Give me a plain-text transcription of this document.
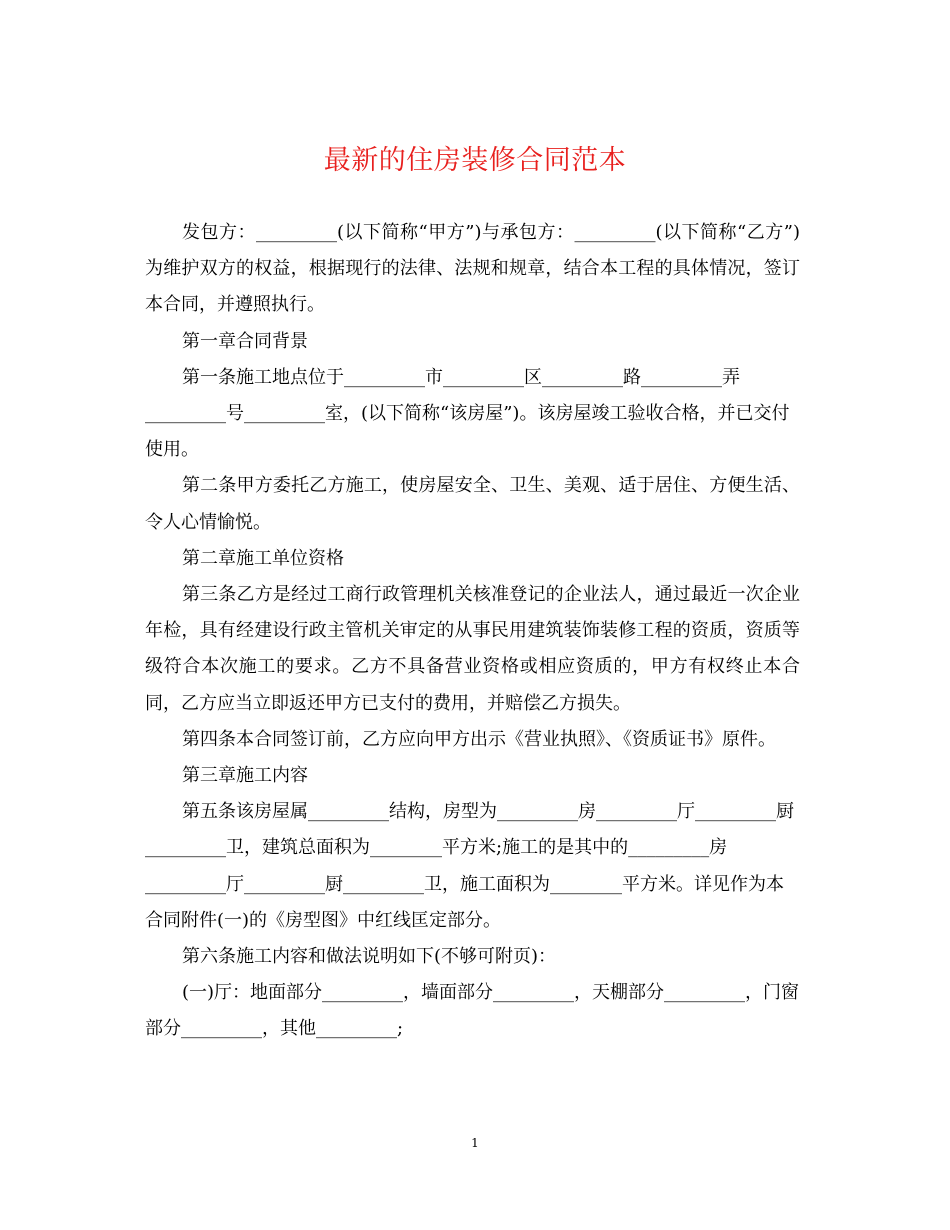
最新的住房装修合同范本

发包方：_________(以下简称“甲方”)与承包方：_________(以下简称“乙方”)为维护双方的权益，根据现行的法律、法规和规章，结合本工程的具体情况，签订本合同，并遵照执行。

第一章合同背景

第一条施工地点位于_________市_________区_________路_________弄_________号_________室，(以下简称“该房屋”)。该房屋竣工验收合格，并已交付使用。

第二条甲方委托乙方施工，使房屋安全、卫生、美观、适于居住、方便生活、令人心情愉悦。

第二章施工单位资格

第三条乙方是经过工商行政管理机关核准登记的企业法人，通过最近一次企业年检，具有经建设行政主管机关审定的从事民用建筑装饰装修工程的资质，资质等级符合本次施工的要求。乙方不具备营业资格或相应资质的，甲方有权终止本合同，乙方应当立即返还甲方已支付的费用，并赔偿乙方损失。

第四条本合同签订前，乙方应向甲方出示《营业执照》、《资质证书》原件。

第三章施工内容

第五条该房屋属_________结构，房型为_________房_________厅_________厨_________卫，建筑总面积为________平方米;施工的是其中的_________房_________厅_________厨_________卫，施工面积为________平方米。详见作为本合同附件(一)的《房型图》中红线匡定部分。

第六条施工内容和做法说明如下(不够可附页)：

(一)厅：地面部分_________，墙面部分_________，天棚部分_________，门窗部分_________，其他_________;

1
